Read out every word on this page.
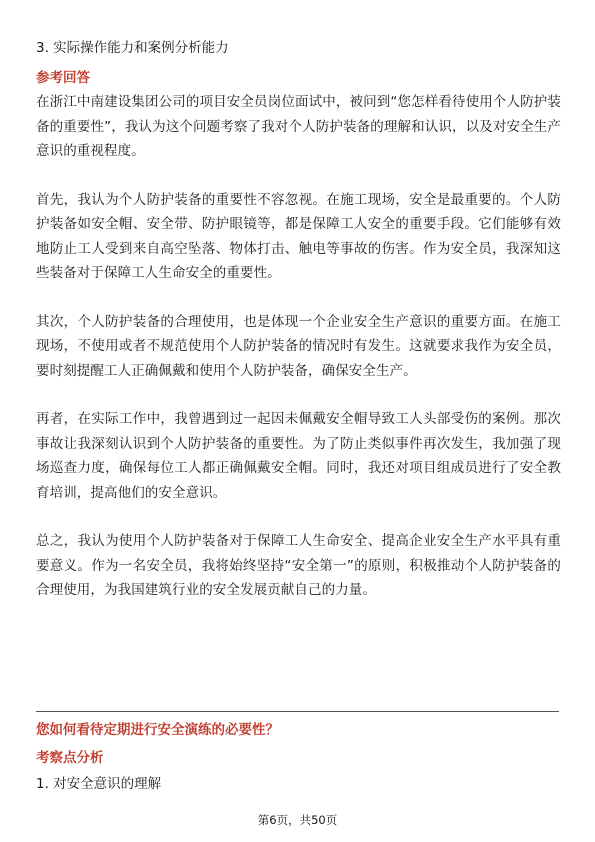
3. 实际操作能力和案例分析能力

参考回答

在浙江中南建设集团公司的项目安全员岗位面试中，被问到“您怎样看待使用个人防护装备的重要性”，我认为这个问题考察了我对个人防护装备的理解和认识，以及对安全生产意识的重视程度。

首先，我认为个人防护装备的重要性不容忽视。在施工现场，安全是最重要的。个人防护装备如安全帽、安全带、防护眼镜等，都是保障工人安全的重要手段。它们能够有效地防止工人受到来自高空坠落、物体打击、触电等事故的伤害。作为安全员，我深知这些装备对于保障工人生命安全的重要性。

其次，个人防护装备的合理使用，也是体现一个企业安全生产意识的重要方面。在施工现场，不使用或者不规范使用个人防护装备的情况时有发生。这就要求我作为安全员，要时刻提醒工人正确佩戴和使用个人防护装备，确保安全生产。

再者，在实际工作中，我曾遇到过一起因未佩戴安全帽导致工人头部受伤的案例。那次事故让我深刻认识到个人防护装备的重要性。为了防止类似事件再次发生，我加强了现场巡查力度，确保每位工人都正确佩戴安全帽。同时，我还对项目组成员进行了安全教育培训，提高他们的安全意识。

总之，我认为使用个人防护装备对于保障工人生命安全、提高企业安全生产水平具有重要意义。作为一名安全员，我将始终坚持“安全第一”的原则，积极推动个人防护装备的合理使用，为我国建筑行业的安全发展贡献自己的力量。

您如何看待定期进行安全演练的必要性？

考察点分析

1. 对安全意识的理解

第6页，共50页
